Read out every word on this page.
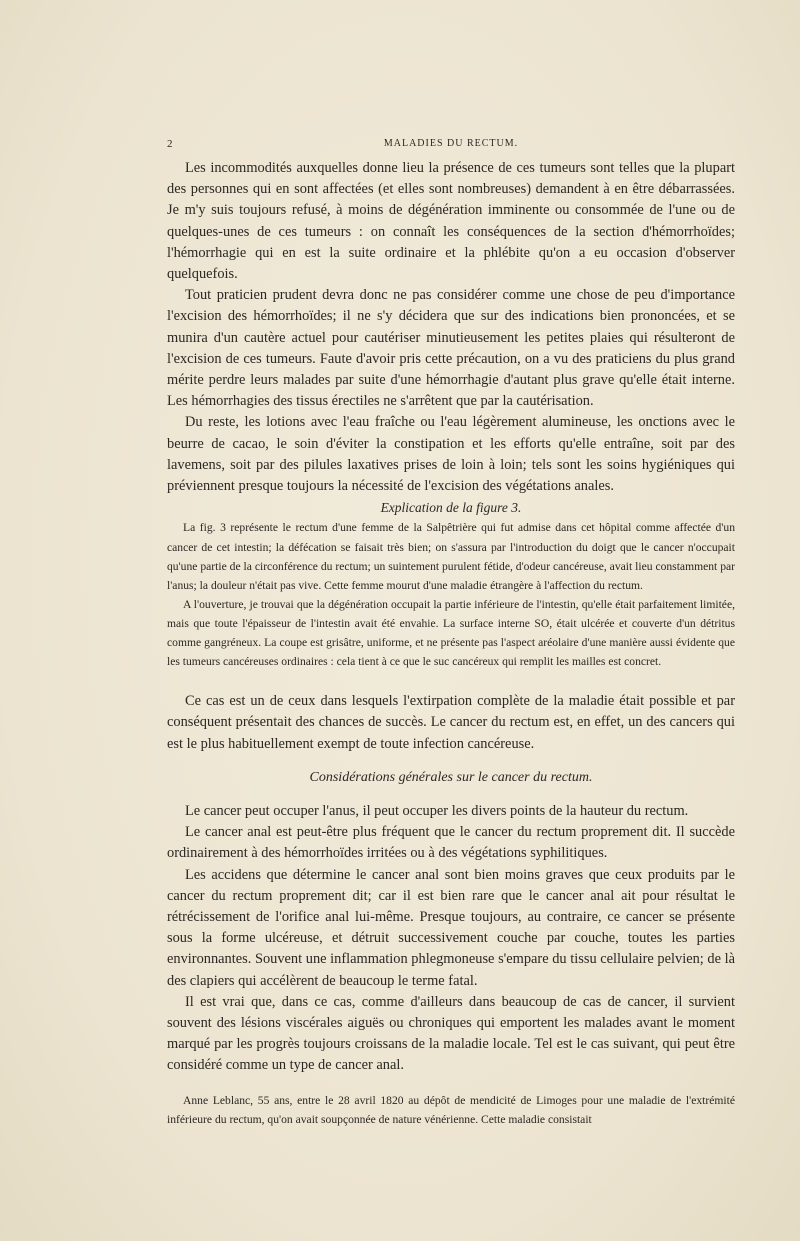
2	MALADIES DU RECTUM.

Les incommodités auxquelles donne lieu la présence de ces tumeurs sont telles que la plupart des personnes qui en sont affectées (et elles sont nombreuses) demandent à en être débarrassées. Je m'y suis toujours refusé, à moins de dégénération imminente ou consommée de l'une ou de quelques-unes de ces tumeurs : on connaît les conséquences de la section d'hémorrhoïdes; l'hémorrhagie qui en est la suite ordinaire et la phlébite qu'on a eu occasion d'observer quelquefois.

Tout praticien prudent devra donc ne pas considérer comme une chose de peu d'importance l'excision des hémorrhoïdes; il ne s'y décidera que sur des indications bien prononcées, et se munira d'un cautère actuel pour cautériser minutieusement les petites plaies qui résulteront de l'excision de ces tumeurs. Faute d'avoir pris cette précaution, on a vu des praticiens du plus grand mérite perdre leurs malades par suite d'une hémorrhagie d'autant plus grave qu'elle était interne. Les hémorrhagies des tissus érectiles ne s'arrêtent que par la cautérisation.

Du reste, les lotions avec l'eau fraîche ou l'eau légèrement alumineuse, les onctions avec le beurre de cacao, le soin d'éviter la constipation et les efforts qu'elle entraîne, soit par des lavemens, soit par des pilules laxatives prises de loin à loin; tels sont les soins hygiéniques qui préviennent presque toujours la nécessité de l'excision des végétations anales.

Explication de la figure 3.

La fig. 3 représente le rectum d'une femme de la Salpêtrière qui fut admise dans cet hôpital comme affectée d'un cancer de cet intestin; la défécation se faisait très bien; on s'assura par l'introduction du doigt que le cancer n'occupait qu'une partie de la circonférence du rectum; un suintement purulent fétide, d'odeur cancéreuse, avait lieu constamment par l'anus; la douleur n'était pas vive. Cette femme mourut d'une maladie étrangère à l'affection du rectum.

A l'ouverture, je trouvai que la dégénération occupait la partie inférieure de l'intestin, qu'elle était parfaitement limitée, mais que toute l'épaisseur de l'intestin avait été envahie. La surface interne SO, était ulcérée et couverte d'un détritus comme gangréneux. La coupe est grisâtre, uniforme, et ne présente pas l'aspect aréolaire d'une manière aussi évidente que les tumeurs cancéreuses ordinaires : cela tient à ce que le suc cancéreux qui remplit les mailles est concret.

Ce cas est un de ceux dans lesquels l'extirpation complète de la maladie était possible et par conséquent présentait des chances de succès. Le cancer du rectum est, en effet, un des cancers qui est le plus habituellement exempt de toute infection cancéreuse.

Considérations générales sur le cancer du rectum.

Le cancer peut occuper l'anus, il peut occuper les divers points de la hauteur du rectum.

Le cancer anal est peut-être plus fréquent que le cancer du rectum proprement dit. Il succède ordinairement à des hémorrhoïdes irritées ou à des végétations syphilitiques.

Les accidens que détermine le cancer anal sont bien moins graves que ceux produits par le cancer du rectum proprement dit; car il est bien rare que le cancer anal ait pour résultat le rétrécissement de l'orifice anal lui-même. Presque toujours, au contraire, ce cancer se présente sous la forme ulcéreuse, et détruit successivement couche par couche, toutes les parties environnantes. Souvent une inflammation phlegmoneuse s'empare du tissu cellulaire pelvien; de là des clapiers qui accélèrent de beaucoup le terme fatal.

Il est vrai que, dans ce cas, comme d'ailleurs dans beaucoup de cas de cancer, il survient souvent des lésions viscérales aiguës ou chroniques qui emportent les malades avant le moment marqué par les progrès toujours croissans de la maladie locale. Tel est le cas suivant, qui peut être considéré comme un type de cancer anal.

Anne Leblanc, 55 ans, entre le 28 avril 1820 au dépôt de mendicité de Limoges pour une maladie de l'extrémité inférieure du rectum, qu'on avait soupçonnée de nature vénérienne. Cette maladie consistait
